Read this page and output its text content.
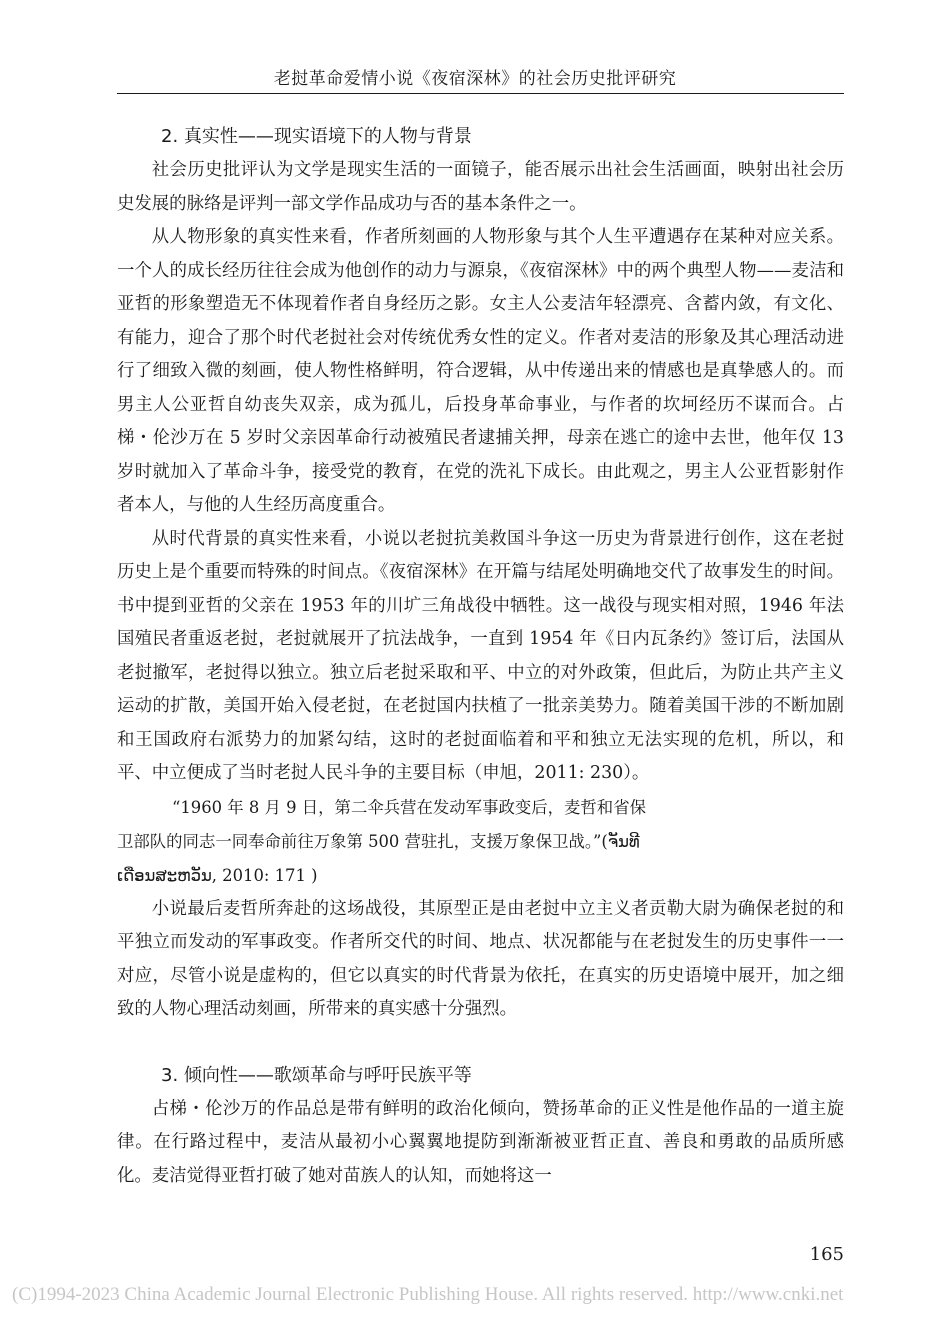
老挝革命爱情小说《夜宿深林》的社会历史批评研究
2. 真实性——现实语境下的人物与背景

社会历史批评认为文学是现实生活的一面镜子，能否展示出社会生活画面，映射出社会历史发展的脉络是评判一部文学作品成功与否的基本条件之一。

从人物形象的真实性来看，作者所刻画的人物形象与其个人生平遭遇存在某种对应关系。一个人的成长经历往往会成为他创作的动力与源泉，《夜宿深林》中的两个典型人物——麦洁和亚哲的形象塑造无不体现着作者自身经历之影。女主人公麦洁年轻漂亮、含蓄内敛，有文化、有能力，迎合了那个时代老挝社会对传统优秀女性的定义。作者对麦洁的形象及其心理活动进行了细致入微的刻画，使人物性格鲜明，符合逻辑，从中传递出来的情感也是真挚感人的。而男主人公亚哲自幼丧失双亲，成为孤儿，后投身革命事业，与作者的坎坷经历不谋而合。占梯・伦沙万在 5 岁时父亲因革命行动被殖民者逮捕关押，母亲在逃亡的途中去世，他年仅 13 岁时就加入了革命斗争，接受党的教育，在党的洗礼下成长。由此观之，男主人公亚哲影射作者本人，与他的人生经历高度重合。

从时代背景的真实性来看，小说以老挝抗美救国斗争这一历史为背景进行创作，这在老挝历史上是个重要而特殊的时间点。《夜宿深林》在开篇与结尾处明确地交代了故事发生的时间。书中提到亚哲的父亲在 1953 年的川圹三角战役中牺牲。这一战役与现实相对照，1946 年法国殖民者重返老挝，老挝就展开了抗法战争，一直到 1954 年《日内瓦条约》签订后，法国从老挝撤军，老挝得以独立。独立后老挝采取和平、中立的对外政策，但此后，为防止共产主义运动的扩散，美国开始入侵老挝，在老挝国内扶植了一批亲美势力。随着美国干涉的不断加剧和王国政府右派势力的加紧勾结，这时的老挝面临着和平和独立无法实现的危机，所以，和平、中立便成了当时老挝人民斗争的主要目标（申旭，2011: 230）。

“1960 年 8 月 9 日，第二伞兵营在发动军事政变后，麦哲和省保
卫部队的同志一同奉命前往万象第 500 营驻扎，支援万象保卫战。”(ຈັນທີ
ເດືອນສະຫວັນ, 2010: 171 )

小说最后麦哲所奔赴的这场战役，其原型正是由老挝中立主义者贡勒大尉为确保老挝的和平独立而发动的军事政变。作者所交代的时间、地点、状况都能与在老挝发生的历史事件一一对应，尽管小说是虚构的，但它以真实的时代背景为依托，在真实的历史语境中展开，加之细致的人物心理活动刻画，所带来的真实感十分强烈。

3. 倾向性——歌颂革命与呼吁民族平等

占梯・伦沙万的作品总是带有鲜明的政治化倾向，赞扬革命的正义性是他作品的一道主旋律。在行路过程中，麦洁从最初小心翼翼地提防到渐渐被亚哲正直、善良和勇敢的品质所感化。麦洁觉得亚哲打破了她对苗族人的认知，而她将这一

165
(C)1994-2023 China Academic Journal Electronic Publishing House. All rights reserved. http://www.cnki.net
